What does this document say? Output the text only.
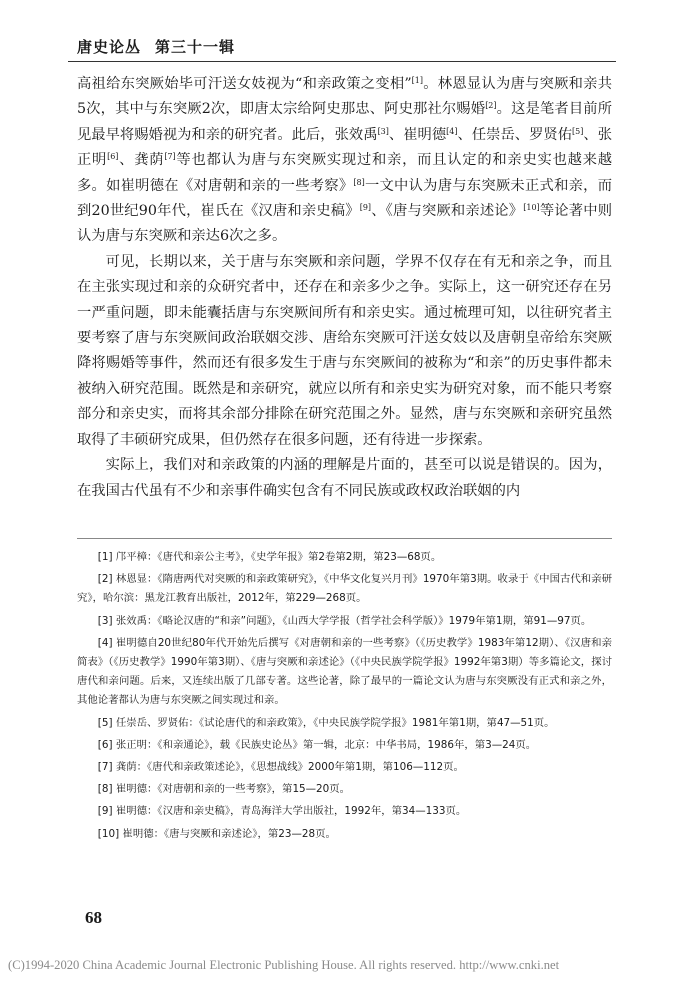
唐史论丛 第三十一辑

高祖给东突厥始毕可汗送女妓视为“和亲政策之变相”[1]。林恩显认为唐与突厥和亲共5次，其中与东突厥2次，即唐太宗给阿史那忠、阿史那社尔赐婚[2]。这是笔者目前所见最早将赐婚视为和亲的研究者。此后，张效禹[3]、崔明德[4]、任崇岳、罗贤佑[5]、张正明[6]、龚荫[7]等也都认为唐与东突厥实现过和亲，而且认定的和亲史实也越来越多。如崔明德在《对唐朝和亲的一些考察》[8]一文中认为唐与东突厥未正式和亲，而到20世纪90年代，崔氏在《汉唐和亲史稿》[9]、《唐与突厥和亲述论》[10]等论著中则认为唐与东突厥和亲达6次之多。

可见，长期以来，关于唐与东突厥和亲问题，学界不仅存在有无和亲之争，而且在主张实现过和亲的众研究者中，还存在和亲多少之争。实际上，这一研究还存在另一严重问题，即未能囊括唐与东突厥间所有和亲史实。通过梳理可知，以往研究者主要考察了唐与东突厥间政治联姻交涉、唐给东突厥可汗送女妓以及唐朝皇帝给东突厥降将赐婚等事件，然而还有很多发生于唐与东突厥间的被称为“和亲”的历史事件都未被纳入研究范围。既然是和亲研究，就应以所有和亲史实为研究对象，而不能只考察部分和亲史实，而将其余部分排除在研究范围之外。显然，唐与东突厥和亲研究虽然取得了丰硕研究成果，但仍然存在很多问题，还有待进一步探索。

实际上，我们对和亲政策的内涵的理解是片面的，甚至可以说是错误的。因为，在我国古代虽有不少和亲事件确实包含有不同民族或政权政治联姻的内

[1] 邝平樟：《唐代和亲公主考》，《史学年报》第2卷第2期，第23—68页。

[2] 林恩显：《隋唐两代对突厥的和亲政策研究》，《中华文化复兴月刊》1970年第3期。收录于《中国古代和亲研究》，哈尔滨：黑龙江教育出版社，2012年，第229—268页。

[3] 张效禹：《略论汉唐的“和亲”问题》，《山西大学学报（哲学社会科学版）》1979年第1期，第91—97页。

[4] 崔明德自20世纪80年代开始先后撰写《对唐朝和亲的一些考察》（《历史教学》1983年第12期）、《汉唐和亲简表》（《历史教学》1990年第3期）、《唐与突厥和亲述论》（《中央民族学院学报》1992年第3期）等多篇论文，探讨唐代和亲问题。后来，又连续出版了几部专著。这些论著，除了最早的一篇论文认为唐与东突厥没有正式和亲之外，其他论著都认为唐与东突厥之间实现过和亲。

[5] 任崇岳、罗贤佑：《试论唐代的和亲政策》，《中央民族学院学报》1981年第1期，第47—51页。

[6] 张正明：《和亲通论》，载《民族史论丛》第一辑，北京：中华书局，1986年，第3—24页。

[7] 龚荫：《唐代和亲政策述论》，《思想战线》2000年第1期，第106—112页。

[8] 崔明德：《对唐朝和亲的一些考察》，第15—20页。

[9] 崔明德：《汉唐和亲史稿》，青岛海洋大学出版社，1992年，第34—133页。

[10] 崔明德：《唐与突厥和亲述论》，第23—28页。

68
(C)1994-2020 China Academic Journal Electronic Publishing House. All rights reserved. http://www.cnki.net
